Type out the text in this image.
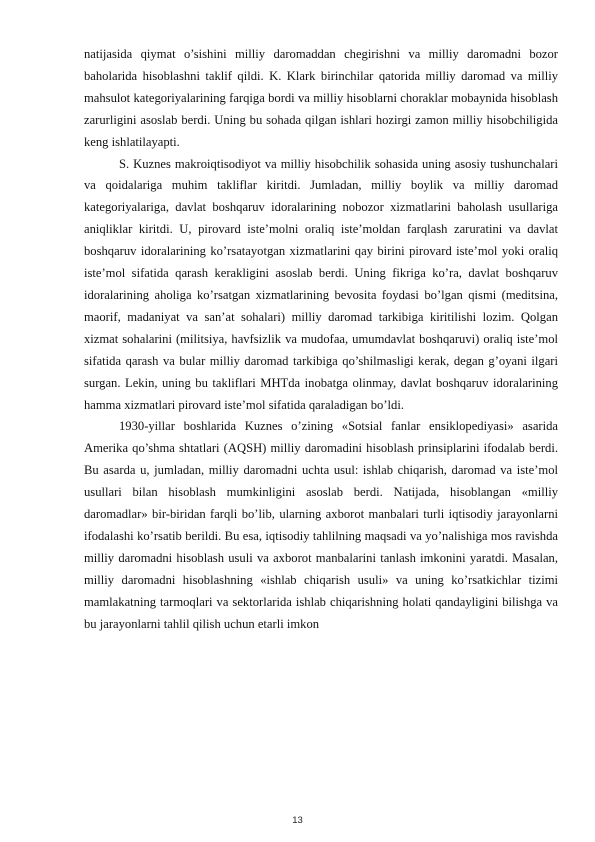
natijasida qiymat o’sishini milliy daromaddan chegirishni va milliy daromadni bozor baholarida hisoblashni taklif qildi. K. Klark birinchilar qatorida milliy daromad va milliy mahsulot kategoriyalarining farqiga bordi va milliy hisoblarni choraklar mobaynida hisoblash zarurligini asoslab berdi. Uning bu sohada qilgan ishlari hozirgi zamon milliy hisobchiligida keng ishlatilayapti.

S. Kuznes makroiqtisodiyot va milliy hisobchilik sohasida uning asosiy tushunchalari va qoidalariga muhim takliflar kiritdi. Jumladan, milliy boylik va milliy daromad kategoriyalariga, davlat boshqaruv idoralarining nobozor xizmatlarini baholash usullariga aniqliklar kiritdi. U, pirovard iste’molni oraliq iste’moldan farqlash zaruratini va davlat boshqaruv idoralarining ko’rsatayotgan xizmatlarini qay birini pirovard iste’mol yoki oraliq iste’mol sifatida qarash kerakligini asoslab berdi. Uning fikriga ko’ra, davlat boshqaruv idoralarining aholiga ko’rsatgan xizmatlarining bevosita foydasi bo’lgan qismi (meditsina, maorif, madaniyat va san’at sohalari) milliy daromad tarkibiga kiritilishi lozim. Qolgan xizmat sohalarini (militsiya, havfsizlik va mudofaa, umumdavlat boshqaruvi) oraliq iste’mol sifatida qarash va bular milliy daromad tarkibiga qo’shilmasligi kerak, degan g’oyani ilgari surgan. Lekin, uning bu takliflari MHTda inobatga olinmay, davlat boshqaruv idoralarining hamma xizmatlari pirovard iste’mol sifatida qaraladigan bo’ldi.

1930-yillar boshlarida Kuznes o’zining «Sotsial fanlar ensiklopediyasi» asarida Amerika qo’shma shtatlari (AQSH) milliy daromadini hisoblash prinsiplarini ifodalab berdi. Bu asarda u, jumladan, milliy daromadni uchta usul: ishlab chiqarish, daromad va iste’mol usullari bilan hisoblash mumkinligini asoslab berdi. Natijada, hisoblangan «milliy daromadlar» bir-biridan farqli bo’lib, ularning axborot manbalari turli iqtisodiy jarayonlarni ifodalashi ko’rsatib berildi. Bu esa, iqtisodiy tahlilning maqsadi va yo’nalishiga mos ravishda milliy daromadni hisoblash usuli va axborot manbalarini tanlash imkonini yaratdi. Masalan, milliy daromadni hisoblashning «ishlab chiqarish usuli» va uning ko’rsatkichlar tizimi mamlakatning tarmoqlari va sektorlarida ishlab chiqarishning holati qandayligini bilishga va bu jarayonlarni tahlil qilish uchun etarli imkon

13
